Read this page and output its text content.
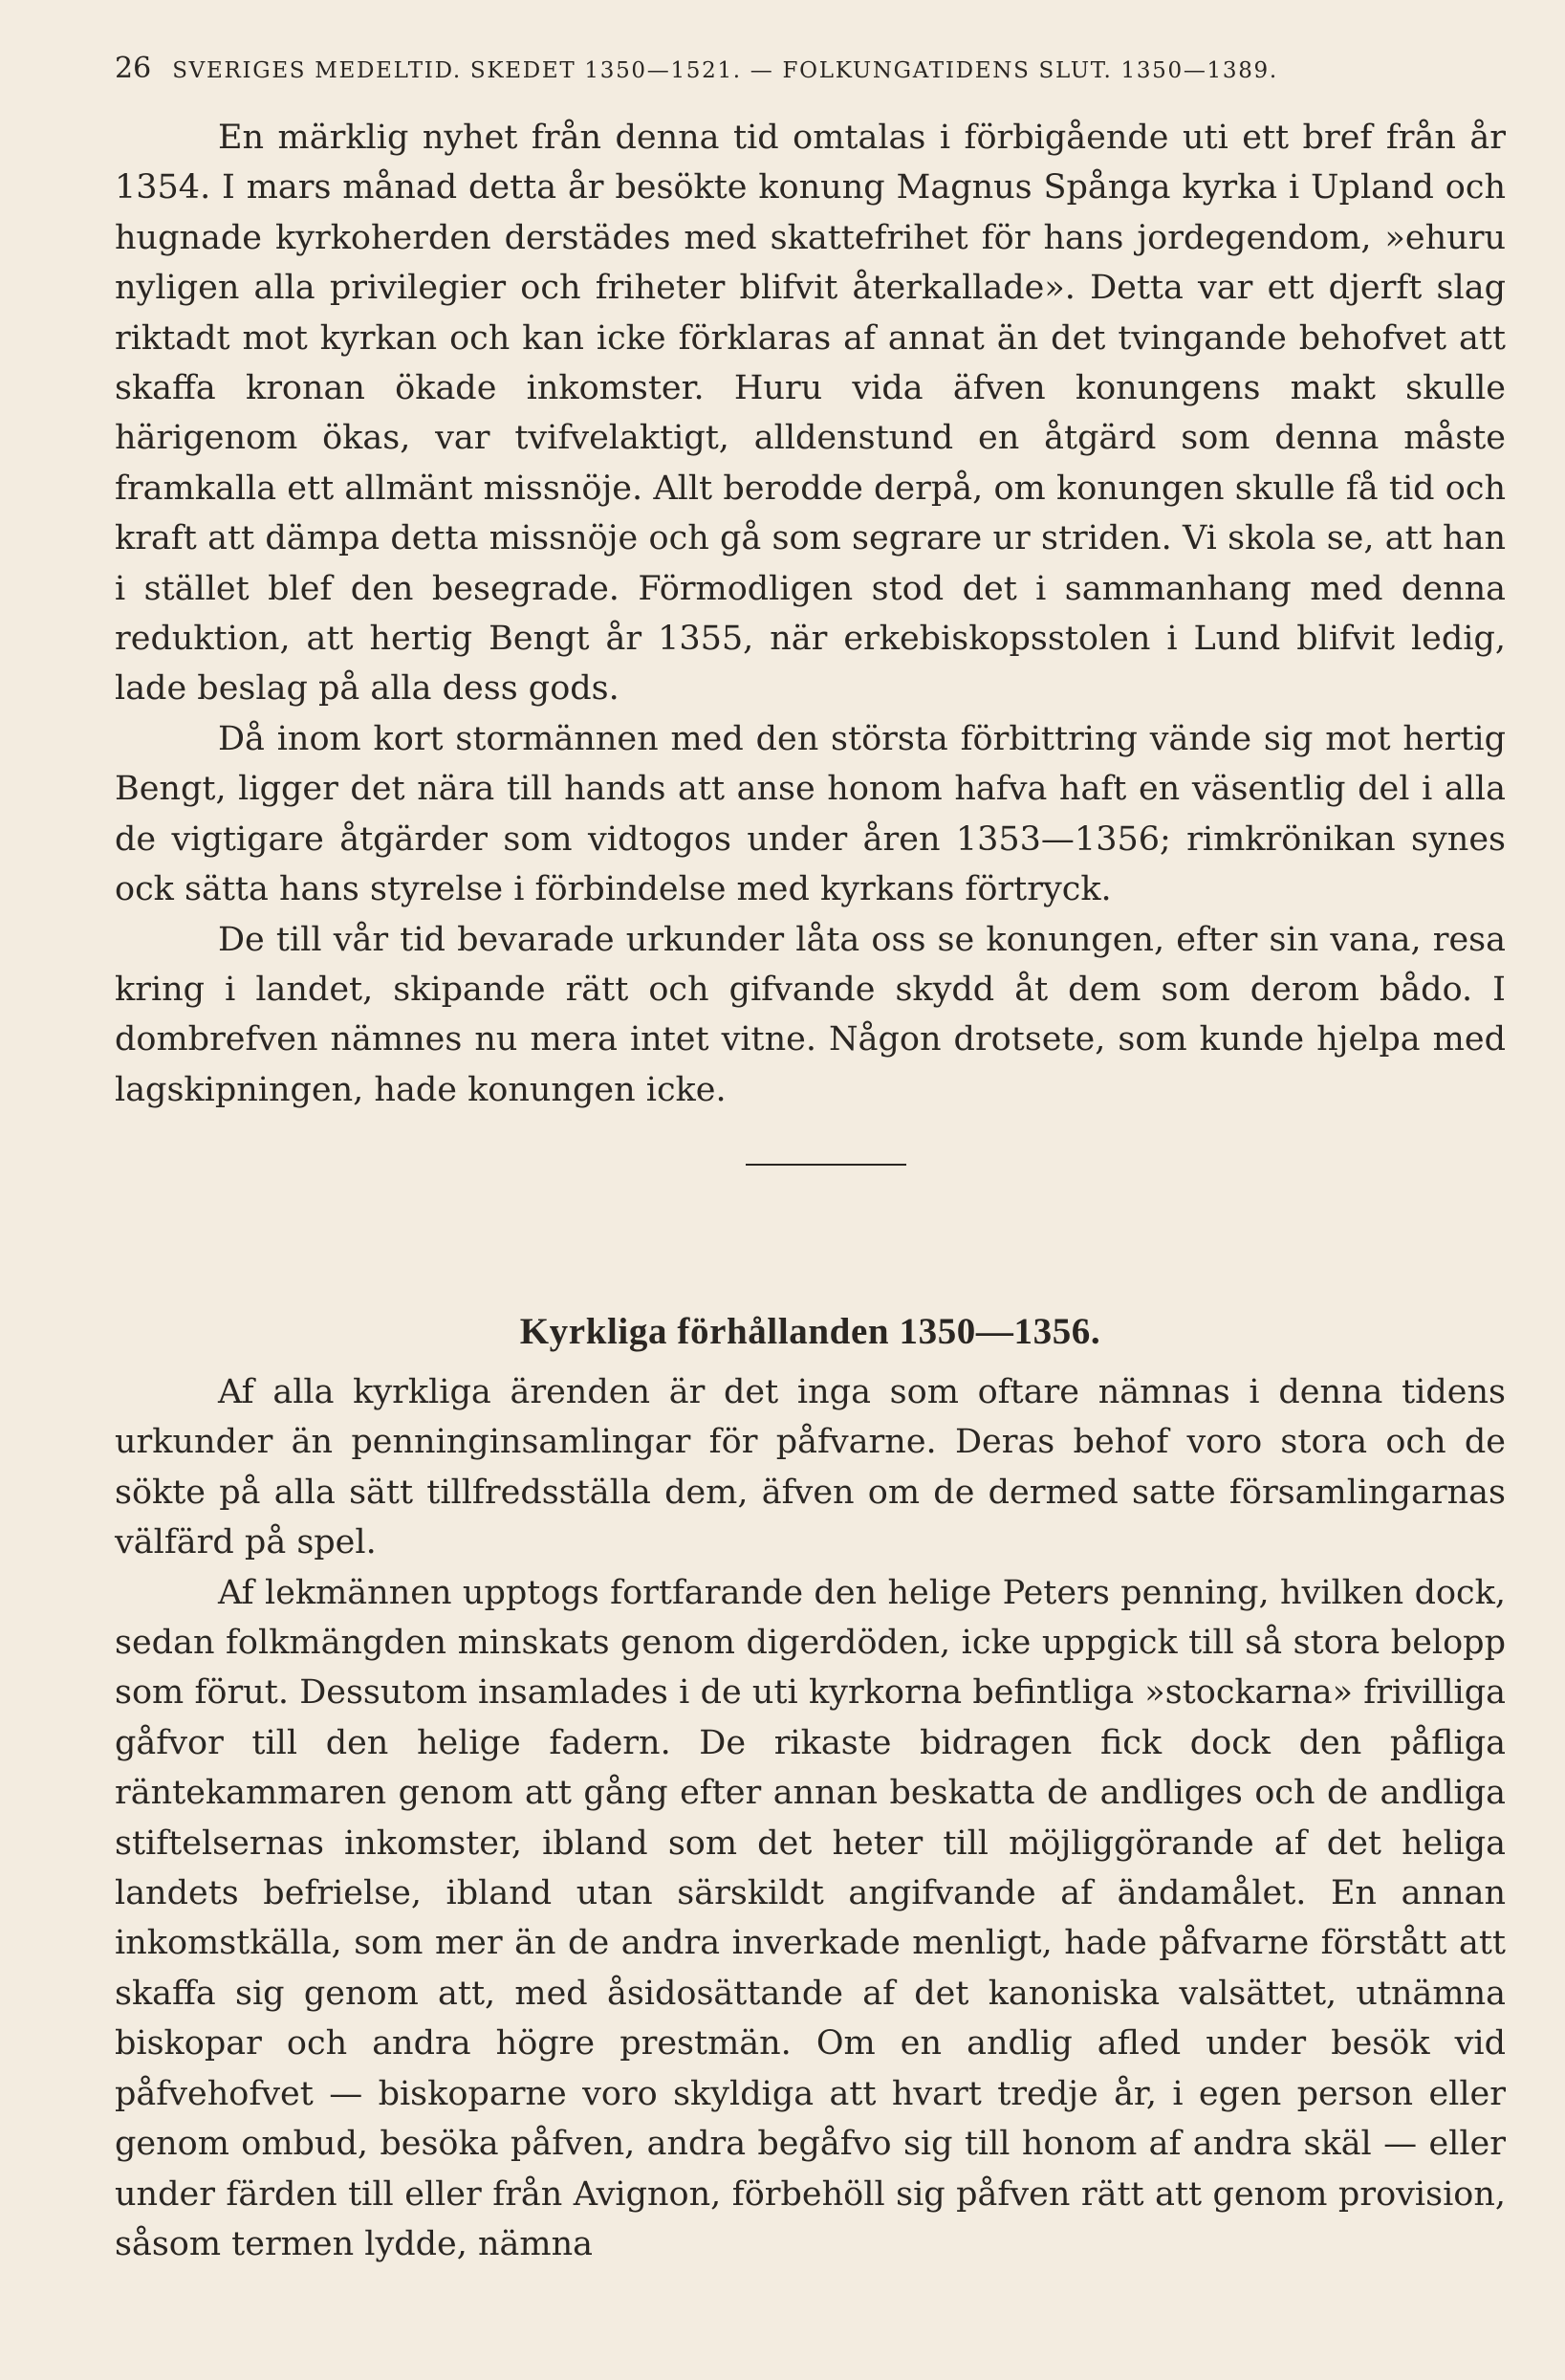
26 SVERIGES MEDELTID. SKEDET 1350—1521. — FOLKUNGATIDENS SLUT. 1350—1389.

En märklig nyhet från denna tid omtalas i förbigående uti ett bref från år 1354. I mars månad detta år besökte konung Magnus Spånga kyrka i Upland och hugnade kyrkoherden derstädes med skattefrihet för hans jordegendom, »ehuru nyligen alla privilegier och friheter blifvit återkallade». Detta var ett djerft slag riktadt mot kyrkan och kan icke förklaras af annat än det tvingande behofvet att skaffa kronan ökade inkomster. Huru vida äfven konungens makt skulle härigenom ökas, var tvifvelaktigt, alldenstund en åtgärd som denna måste framkalla ett allmänt missnöje. Allt berodde derpå, om konungen skulle få tid och kraft att dämpa detta missnöje och gå som segrare ur striden. Vi skola se, att han i stället blef den besegrade. Förmodligen stod det i sammanhang med denna reduktion, att hertig Bengt år 1355, när erkebiskopsstolen i Lund blifvit ledig, lade beslag på alla dess gods.

Då inom kort stormännen med den största förbittring vände sig mot hertig Bengt, ligger det nära till hands att anse honom hafva haft en väsentlig del i alla de vigtigare åtgärder som vidtogos under åren 1353—1356; rimkrönikan synes ock sätta hans styrelse i förbindelse med kyrkans förtryck.

De till vår tid bevarade urkunder låta oss se konungen, efter sin vana, resa kring i landet, skipande rätt och gifvande skydd åt dem som derom bådo. I dombrefven nämnes nu mera intet vitne. Någon drotsete, som kunde hjelpa med lagskipningen, hade konungen icke.

Kyrkliga förhållanden 1350—1356.

Af alla kyrkliga ärenden är det inga som oftare nämnas i denna tidens urkunder än penninginsamlingar för påfvarne. Deras behof voro stora och de sökte på alla sätt tillfredsställa dem, äfven om de dermed satte församlingarnas välfärd på spel.

Af lekmännen upptogs fortfarande den helige Peters penning, hvilken dock, sedan folkmängden minskats genom digerdöden, icke uppgick till så stora belopp som förut. Dessutom insamlades i de uti kyrkorna befintliga »stockarna» frivilliga gåfvor till den helige fadern. De rikaste bidragen fick dock den påfliga räntekammaren genom att gång efter annan beskatta de andliges och de andliga stiftelsernas inkomster, ibland som det heter till möjliggörande af det heliga landets befrielse, ibland utan särskildt angifvande af ändamålet. En annan inkomstkälla, som mer än de andra inverkade menligt, hade påfvarne förstått att skaffa sig genom att, med åsidosättande af det kanoniska valsättet, utnämna biskopar och andra högre prestmän. Om en andlig afled under besök vid påfvehofvet — biskoparne voro skyldiga att hvart tredje år, i egen person eller genom ombud, besöka påfven, andra begåfvo sig till honom af andra skäl — eller under färden till eller från Avignon, förbehöll sig påfven rätt att genom provision, såsom termen lydde, nämna
